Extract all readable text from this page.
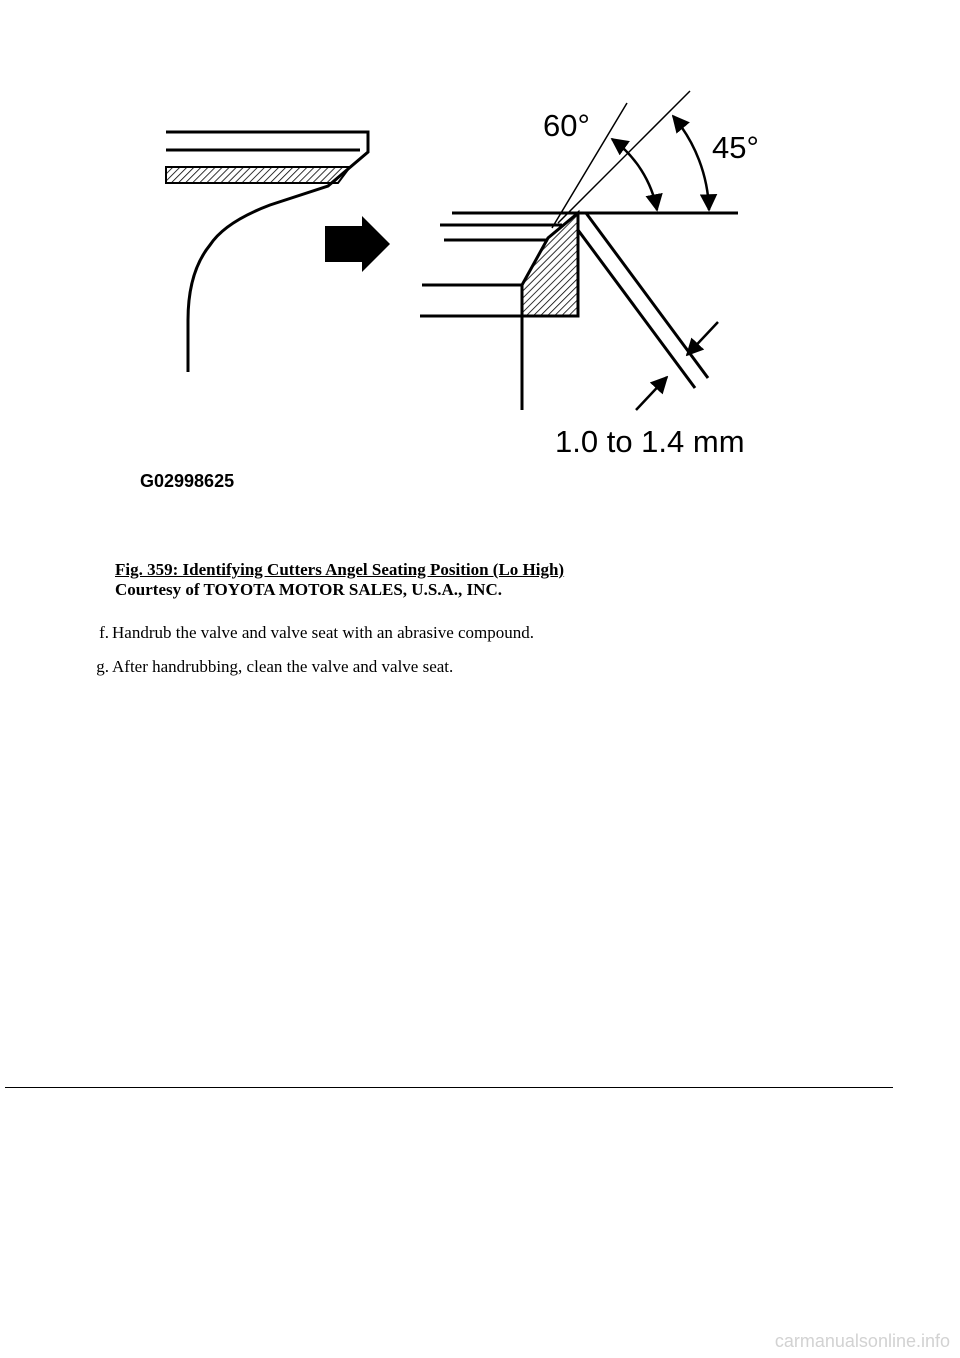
60°
45°
1.0 to 1.4 mm
G02998625
Fig. 359: Identifying Cutters Angel Seating Position (Lo High)
Courtesy of TOYOTA MOTOR SALES, U.S.A., INC.
f. Handrub the valve and valve seat with an abrasive compound.
g. After handrubbing, clean the valve and valve seat.
carmanualsonline.info
